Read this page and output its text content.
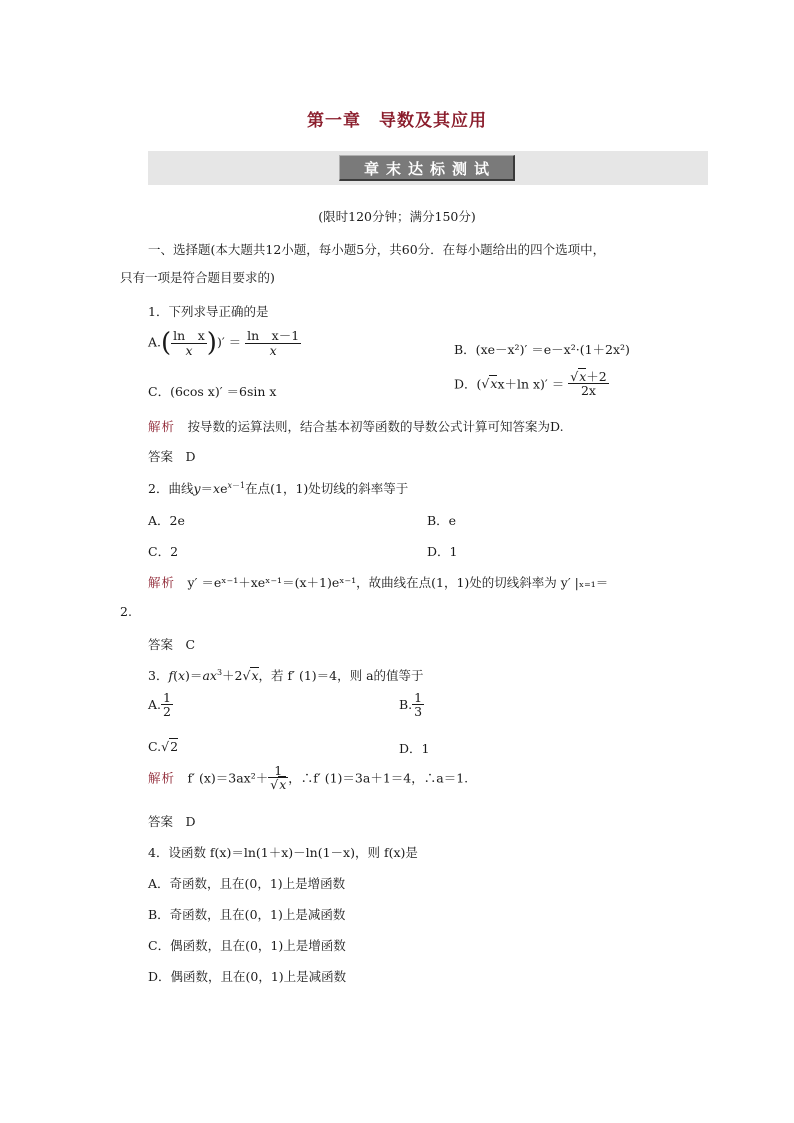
第一章　导数及其应用
章末达标测试
(限时120分钟；满分150分)
一、选择题(本大题共12小题，每小题5分，共60分．在每小题给出的四个选项中，
只有一项是符合题目要求的)
1．下列求导正确的是
$A.( \frac{\text{ln　x}}{x}$ ))′ ＝ $\frac{\text{ln　x－1}}{x}$	B．(xe－x²)′ ＝e－x²·(1＋2x²)
C．(6cos x)′ ＝6sin x	D．(√xx＋ln $x)' = \frac{√x+2}{2x}$
解析　 按导数的运算法则，结合基本初等函数的导数公式计算可知答案为D.
答案　 D
2．曲线$y=xe^{x-1}$在点(1，1)处切线的斜率等于
A．2e	B．e
C．2	D．1
解析　 y′ ＝eˣ⁻¹＋xeˣ⁻¹＝(x＋1)eˣ⁻¹，故曲线在点(1，1)处的切线斜率为 y′ |ₓ₌₁＝
2.
答案　 C
3．$f(x)=ax^3+2√x$，若 f′ (1)＝4，则 a的值等于
A. $\frac{1}{2}$	B. $\frac{1}{3}$
C.√2	D．1
解析　 f′ $(x)=3ax^2+ \frac{1}{√x}$ ，∴f′ (1)＝3a＋1＝4，∴a＝1.
答案　 D
4．设函数 f(x)＝ln(1＋x)－ln(1－x)，则 f(x)是
A．奇函数，且在(0，1)上是增函数
B．奇函数，且在(0，1)上是减函数
C．偶函数，且在(0，1)上是增函数
D．偶函数，且在(0，1)上是减函数
